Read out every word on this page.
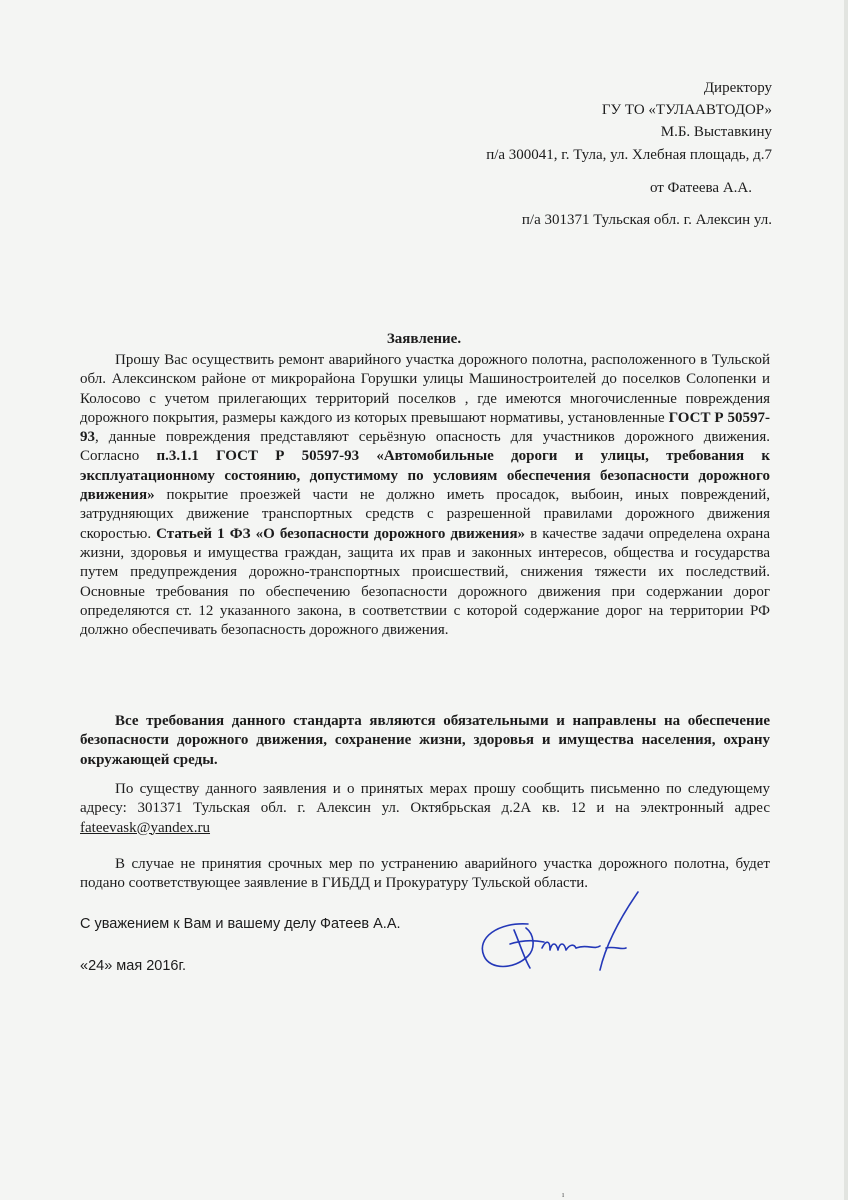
Директору

ГУ ТО «ТУЛААВТОДОР»

М.Б. Выставкину

п/а 300041, г. Тула, ул. Хлебная площадь, д.7

от Фатеева А.А.

п/а 301371 Тульская обл. г. Алексин ул.

Заявление.

Прошу Вас осуществить ремонт аварийного участка дорожного полотна, расположенного в Тульской обл. Алексинском районе от микрорайона Горушки улицы Машиностроителей до поселков Солопенки и Колосово с учетом прилегающих территорий поселков , где имеются многочисленные повреждения дорожного покрытия, размеры каждого из которых превышают нормативы, установленные ГОСТ Р 50597-93, данные повреждения представляют серьёзную опасность для участников дорожного движения. Согласно п.3.1.1 ГОСТ Р 50597-93 «Автомобильные дороги и улицы, требования к эксплуатационному состоянию, допустимому по условиям обеспечения безопасности дорожного движения» покрытие проезжей части не должно иметь просадок, выбоин, иных повреждений, затрудняющих движение транспортных средств с разрешенной правилами дорожного движения скоростью. Статьей 1 ФЗ «О безопасности дорожного движения» в качестве задачи определена охрана жизни, здоровья и имущества граждан, защита их прав и законных интересов, общества и государства путем предупреждения дорожно-транспортных происшествий, снижения тяжести их последствий. Основные требования по обеспечению безопасности дорожного движения при содержании дорог определяются ст. 12 указанного закона, в соответствии с которой содержание дорог на территории РФ должно обеспечивать безопасность дорожного движения.

Все требования данного стандарта являются обязательными и направлены на обеспечение безопасности дорожного движения, сохранение жизни, здоровья и имущества населения, охрану окружающей среды.

По существу данного заявления и о принятых мерах прошу сообщить письменно по следующему адресу: 301371 Тульская обл. г. Алексин ул. Октябрьская д.2А кв. 12 и на электронный адрес fateevask@yandex.ru

В случае не принятия срочных мер по устранению аварийного участка дорожного полотна, будет подано соответствующее заявление в ГИБДД и Прокуратуру Тульской области.

С уважением к Вам и вашему делу Фатеев А.А.

«24» мая 2016г.

ı
